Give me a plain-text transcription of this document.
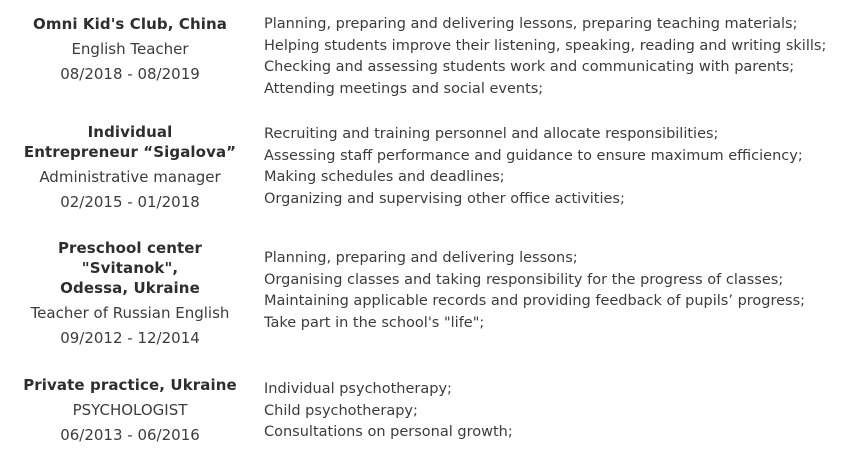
Omni Kid's Club, China
English Teacher
08/2018 - 08/2019
Planning, preparing and delivering lessons, preparing teaching materials;
Helping students improve their listening, speaking, reading and writing skills;
Checking and assessing students work and communicating with parents;
Attending meetings and social events;
Individual
Entrepreneur “Sigalova”
Administrative manager
02/2015 - 01/2018
Recruiting and training personnel and allocate responsibilities;
Assessing staff performance and guidance to ensure maximum efficiency;
Making schedules and deadlines;
Organizing and supervising other office activities;
Preschool center
"Svitanok",
Odessa, Ukraine
Teacher of Russian English
09/2012 - 12/2014
Planning, preparing and delivering lessons;
Organising classes and taking responsibility for the progress of classes;
Maintaining applicable records and providing feedback of pupils’ progress;
Take part in the school's "life";
Private practice, Ukraine
PSYCHOLOGIST
06/2013 - 06/2016
Individual psychotherapy;
Child psychotherapy;
Consultations on personal growth;
